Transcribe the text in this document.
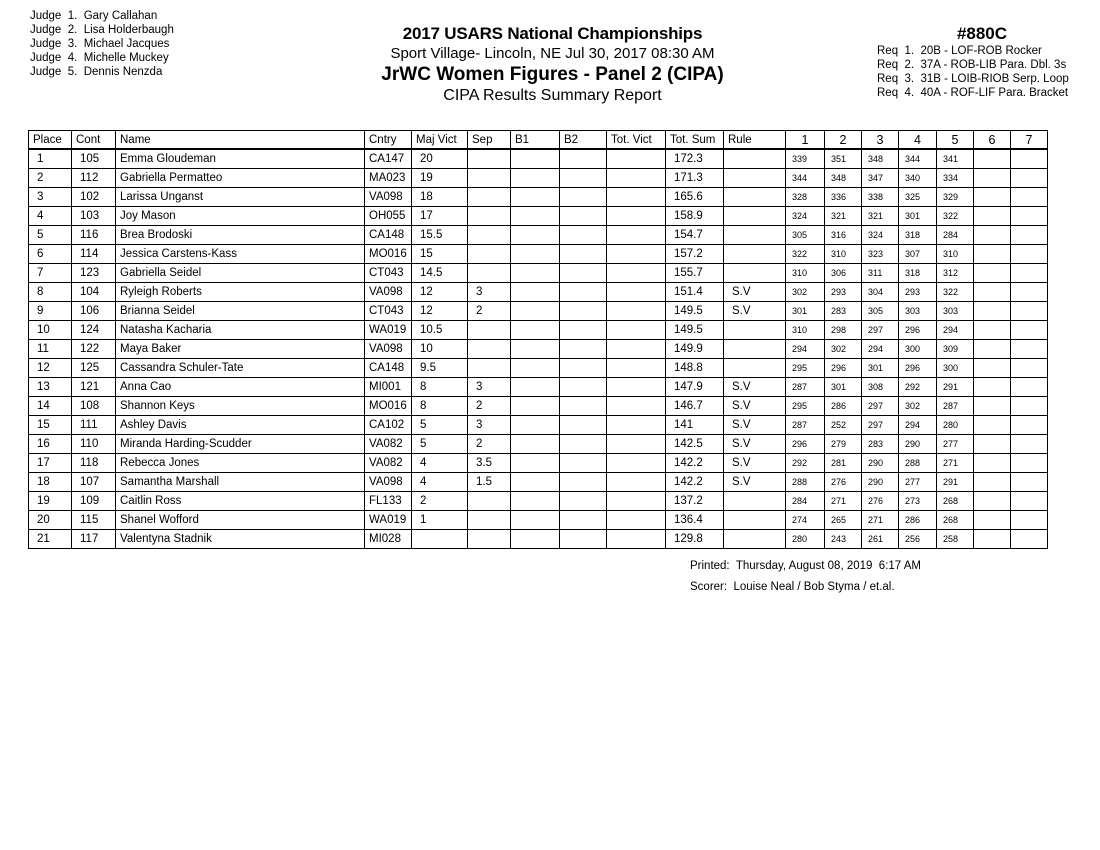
Judge  1.  Gary Callahan
Judge  2.  Lisa Holderbaugh
Judge  3.  Michael Jacques
Judge  4.  Michelle Muckey
Judge  5.  Dennis Nenzda
2017 USARS National Championships
Sport Village- Lincoln, NE Jul 30, 2017 08:30 AM
JrWC Women Figures - Panel 2 (CIPA)
CIPA Results Summary Report
#880C
Req  1.  20B - LOF-ROB Rocker
Req  2.  37A - ROB-LIB Para. Dbl. 3s
Req  3.  31B - LOIB-RIOB Serp. Loop
Req  4.  40A - ROF-LIF Para. Bracket
Place	Cont	Name	Cntry	Maj Vict	Sep	B1	B2	Tot. Vict	Tot. Sum	Rule	1	2	3	4	5	6	7
1	105	Emma Gloudeman	CA147	20					172.3		339	351	348	344	341		
2	112	Gabriella Permatteo	MA023	19					171.3		344	348	347	340	334		
3	102	Larissa Unganst	VA098	18					165.6		328	336	338	325	329		
4	103	Joy Mason	OH055	17					158.9		324	321	321	301	322		
5	116	Brea Brodoski	CA148	15.5					154.7		305	316	324	318	284		
6	114	Jessica Carstens-Kass	MO016	15					157.2		322	310	323	307	310		
7	123	Gabriella Seidel	CT043	14.5					155.7		310	306	311	318	312		
8	104	Ryleigh Roberts	VA098	12	3				151.4	S.V	302	293	304	293	322		
9	106	Brianna Seidel	CT043	12	2				149.5	S.V	301	283	305	303	303		
10	124	Natasha Kacharia	WA019	10.5					149.5		310	298	297	296	294		
11	122	Maya Baker	VA098	10					149.9		294	302	294	300	309		
12	125	Cassandra Schuler-Tate	CA148	9.5					148.8		295	296	301	296	300		
13	121	Anna Cao	MI001	8	3				147.9	S.V	287	301	308	292	291		
14	108	Shannon Keys	MO016	8	2				146.7	S.V	295	286	297	302	287		
15	111	Ashley Davis	CA102	5	3				141	S.V	287	252	297	294	280		
16	110	Miranda Harding-Scudder	VA082	5	2				142.5	S.V	296	279	283	290	277		
17	118	Rebecca Jones	VA082	4	3.5				142.2	S.V	292	281	290	288	271		
18	107	Samantha Marshall	VA098	4	1.5				142.2	S.V	288	276	290	277	291		
19	109	Caitlin Ross	FL133	2					137.2		284	271	276	273	268		
20	115	Shanel Wofford	WA019	1					136.4		274	265	271	286	268		
21	117	Valentyna Stadnik	MI028						129.8		280	243	261	256	258		
Printed:  Thursday, August 08, 2019  6:17 AM
Scorer:  Louise Neal / Bob Styma / et.al.
